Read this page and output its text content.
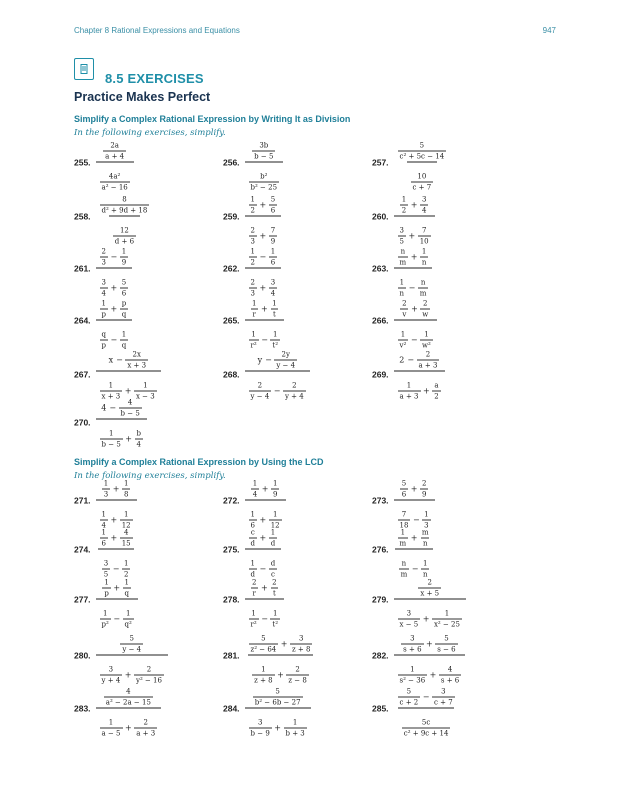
Chapter 8 Rational Expressions and Equations	947
8.5 EXERCISES
Practice Makes Perfect
Simplify a Complex Rational Expression by Writing It as Division
In the following exercises, simplify.
Simplify a Complex Rational Expression by Using the LCD
In the following exercises, simplify.
255. $\frac{\frac{2a}{a + 4}}{\frac{\text{4a²}}{\text{a² − 16}}}$	256. $\frac{\frac{3b}{b - 5}}{\frac{\text{b²}}{\text{b² − 25}}}$	257. $\frac{\frac{5}{\text{c² + 5c − 14}}}{\frac{10}{c + 7}}$
258. $\frac{\frac{8}{\text{d² + 9d + 18}}}{\frac{12}{d + 6}}$	259. $\frac{\frac{1}{2} + \frac{5}{6}}{\frac{2}{3} + \frac{7}{9}}$	260. $\frac{\frac{1}{2} + \frac{3}{4}}{\frac{3}{5} + \frac{7}{10}}$
261. $\frac{\frac{2}{3} - \frac{1}{9}}{\frac{3}{4} + \frac{5}{6}}$	262. $\frac{\frac{1}{2} - \frac{1}{6}}{\frac{2}{3} + \frac{3}{4}}$	263. $\frac{\frac{n}{m} + \frac{1}{n}}{\frac{1}{n} - \frac{n}{m}}$
264. $\frac{\frac{1}{p} + \frac{p}{q}}{\frac{q}{p} - \frac{1}{q}}$	265. $\frac{\frac{1}{r} + \frac{1}{t}}{\frac{1}{\text{r²}} - \frac{1}{\text{t²}}}$	266. $\frac{\frac{2}{v} + \frac{2}{w}}{\frac{1}{\text{v²}} - \frac{1}{\text{w²}}}$
267. $\frac{x - \frac{2x}{x + 3}}{\frac{1}{x + 3} + \frac{1}{x - 3}}$	268. $\frac{y - \frac{2y}{y - 4}}{\frac{2}{y - 4} - \frac{2}{y + 4}}$	269. $\frac{2 - \frac{2}{a + 3}}{\frac{1}{a + 3} + \frac{a}{2}}$
270. $\frac{4 - \frac{4}{b - 5}}{\frac{1}{b - 5} + \frac{b}{4}}$
271. $\frac{\frac{1}{3} + \frac{1}{8}}{\frac{1}{4} + \frac{1}{12}}$	272. $\frac{\frac{1}{4} + \frac{1}{9}}{\frac{1}{6} + \frac{1}{12}}$	273. $\frac{\frac{5}{6} + \frac{2}{9}}{\frac{7}{18} - \frac{1}{3}}$
274. $\frac{\frac{1}{6} + \frac{4}{15}}{\frac{3}{5} - \frac{1}{2}}$	275. $\frac{\frac{c}{d} + \frac{1}{d}}{\frac{1}{d} - \frac{d}{c}}$	276. $\frac{\frac{1}{m} + \frac{m}{n}}{\frac{n}{m} - \frac{1}{n}}$
277. $\frac{\frac{1}{p} + \frac{1}{q}}{\frac{1}{\text{p²}} - \frac{1}{\text{q²}}}$	278. $\frac{\frac{2}{r} + \frac{2}{t}}{\frac{1}{\text{r²}} - \frac{1}{\text{t²}}}$	279. $\frac{\frac{2}{x + 5}}{\frac{3}{x - 5} + \frac{1}{\text{x² − 25}}}$
280. $\frac{\frac{5}{y - 4}}{\frac{3}{y + 4} + \frac{2}{\text{y² − 16}}}$	281. $\frac{\frac{5}{\text{z² − 64}} + \frac{3}{z + 8}}{\frac{1}{z + 8} + \frac{2}{z - 8}}$	282. $\frac{\frac{3}{s + 6} + \frac{5}{s - 6}}{\frac{1}{\text{s² − 36}} + \frac{4}{s + 6}}$
283. $\frac{\frac{4}{\text{a² − 2a − 15}}}{\frac{1}{a - 5} + \frac{2}{a + 3}}$	284. $\frac{\frac{5}{\text{b² − 6b − 27}}}{\frac{3}{b - 9} + \frac{1}{b + 3}}$	285. $\frac{\frac{5}{c + 2} - \frac{3}{c + 7}}{\frac{5c}{\text{c² + 9c + 14}}}$
